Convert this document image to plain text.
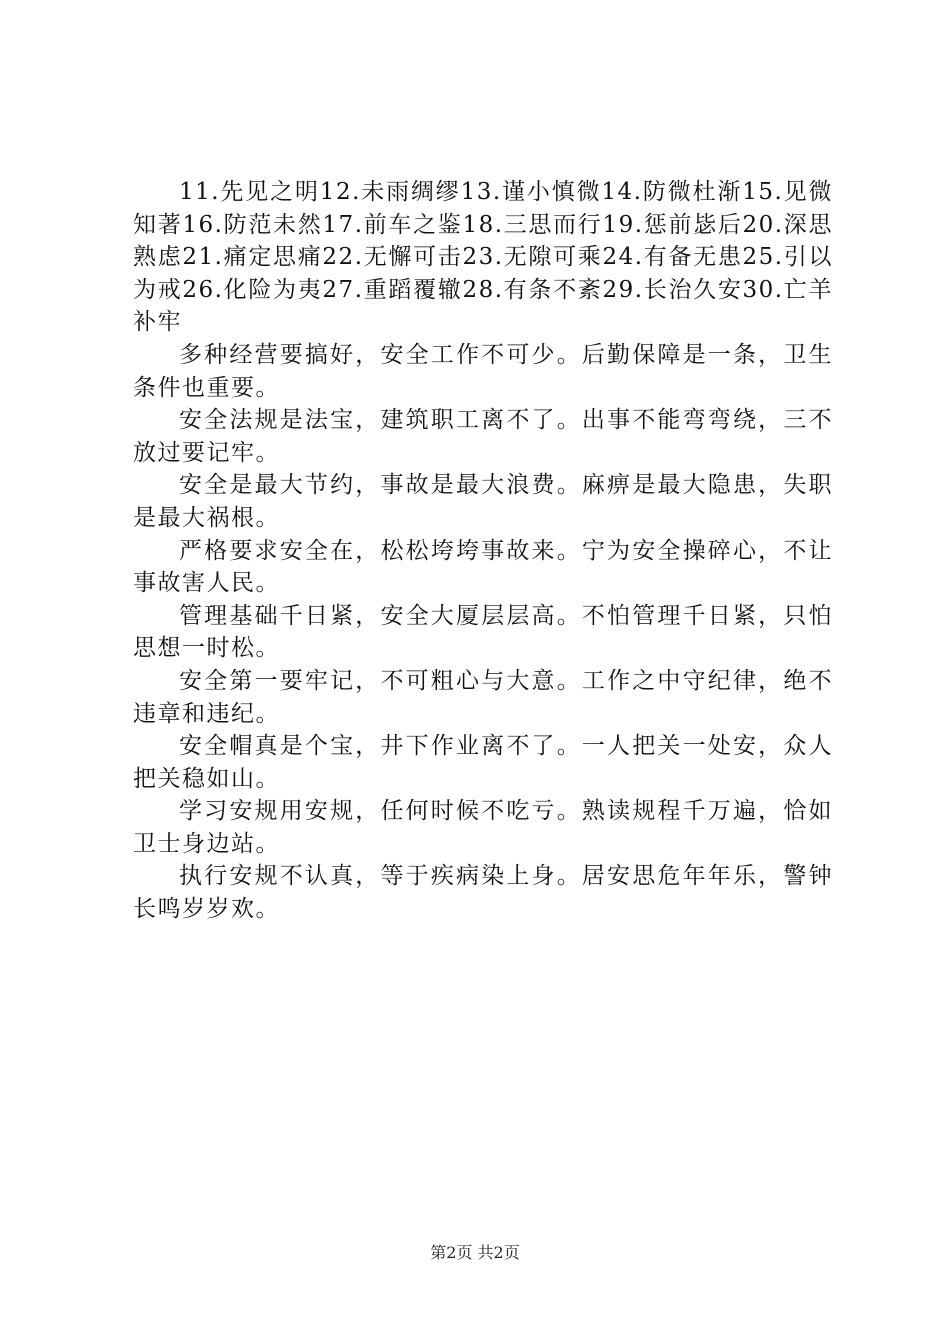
11.先见之明12.未雨绸缪13.谨小慎微14.防微杜渐15.见微知著16.防范未然17.前车之鉴18.三思而行19.惩前毖后20.深思熟虑21.痛定思痛22.无懈可击23.无隙可乘24.有备无患25.引以为戒26.化险为夷27.重蹈覆辙28.有条不紊29.长治久安30.亡羊补牢

多种经营要搞好，安全工作不可少。后勤保障是一条，卫生条件也重要。

安全法规是法宝，建筑职工离不了。出事不能弯弯绕，三不放过要记牢。

安全是最大节约，事故是最大浪费。麻痹是最大隐患，失职是最大祸根。

严格要求安全在，松松垮垮事故来。宁为安全操碎心，不让事故害人民。

管理基础千日紧，安全大厦层层高。不怕管理千日紧，只怕思想一时松。

安全第一要牢记，不可粗心与大意。工作之中守纪律，绝不违章和违纪。

安全帽真是个宝，井下作业离不了。一人把关一处安，众人把关稳如山。

学习安规用安规，任何时候不吃亏。熟读规程千万遍，恰如卫士身边站。

执行安规不认真，等于疾病染上身。居安思危年年乐，警钟长鸣岁岁欢。

第2页 共2页
